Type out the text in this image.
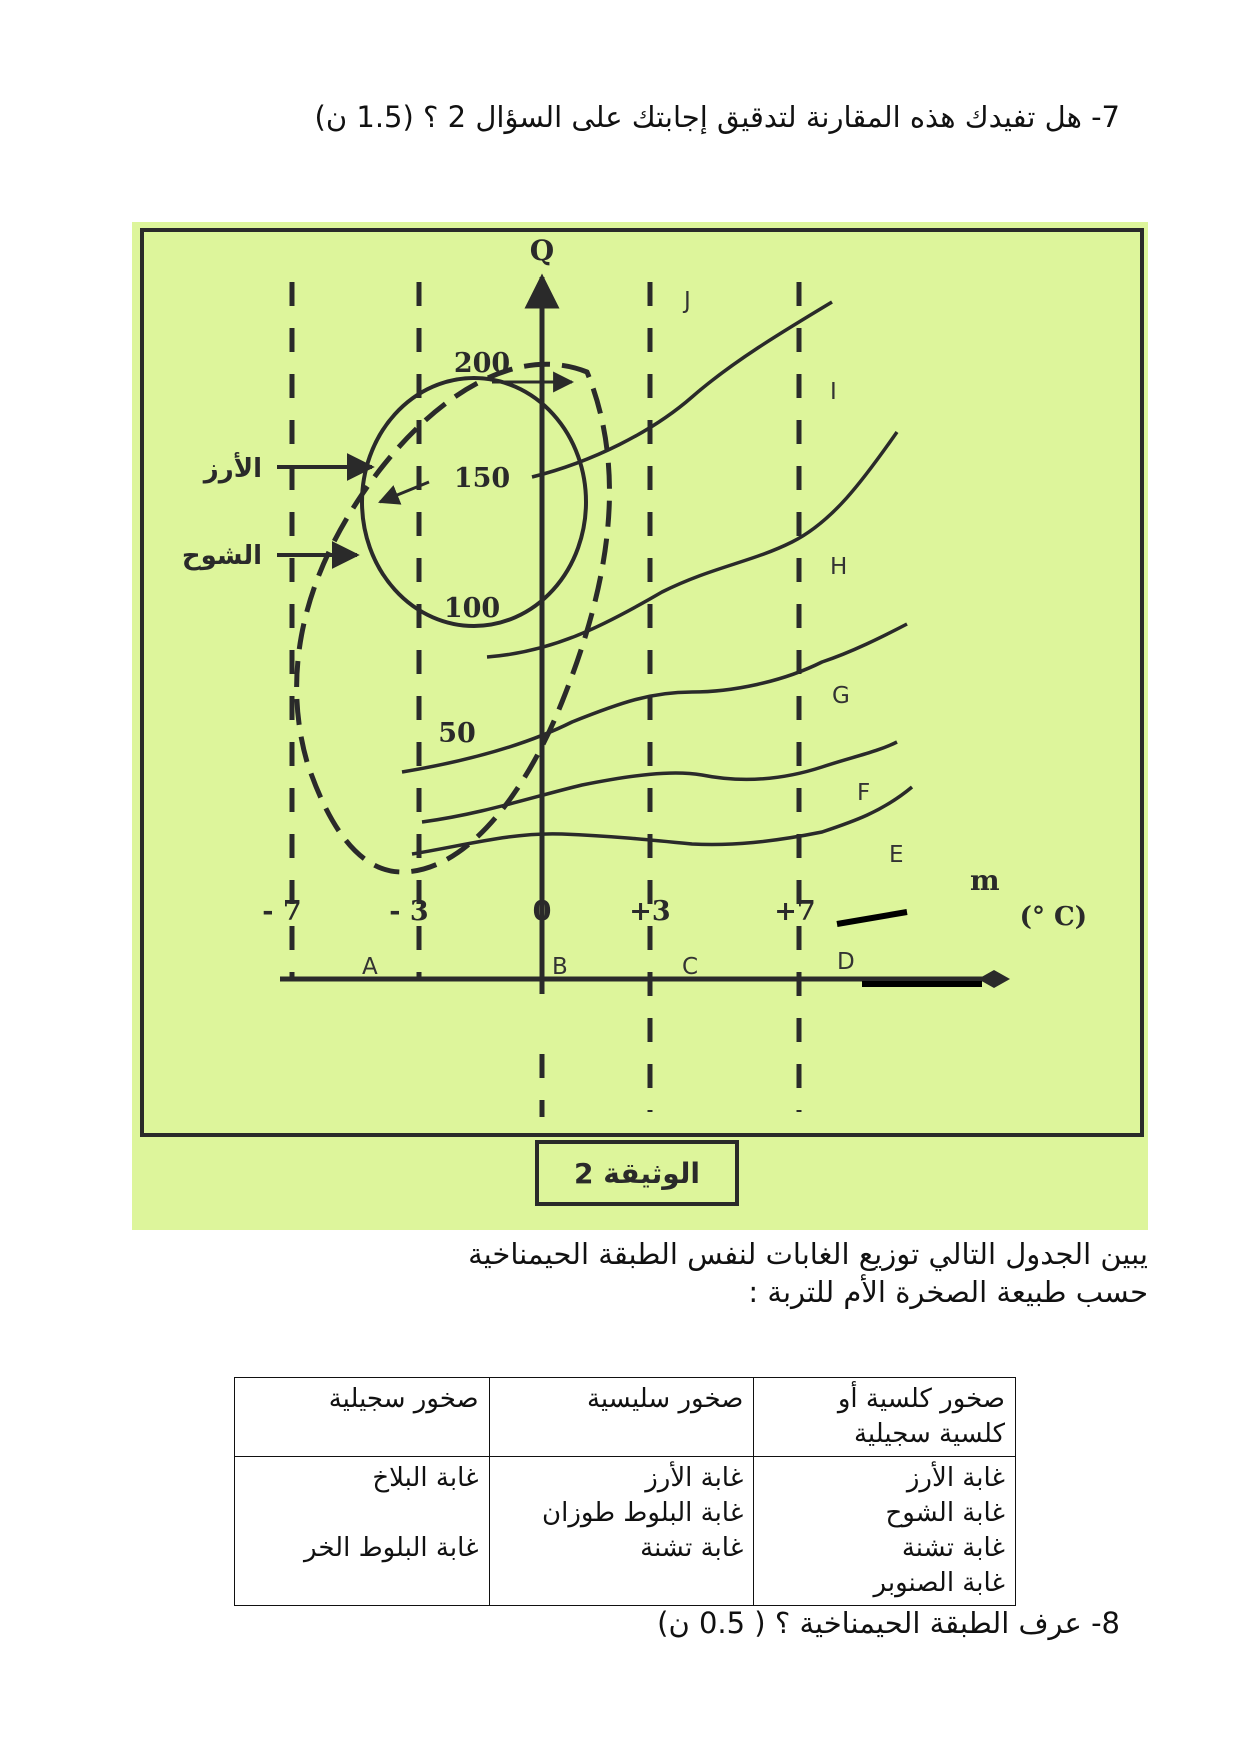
7- هل تفيدك هذه المقارنة لتدقيق إجابتك على السؤال 2 ؟ (1.5 ن)
Q
m
(° C)
- 7	- 3	0	+3	+7
200
150
100
50
الأرز
الشوح
J
I
H
G
F
E
A	B	C	D
الوثيقة 2
يبين الجدول التالي توزيع الغابات لنفس الطبقة الحيمناخية
حسب طبيعة الصخرة الأم للتربة :
صخور كلسية أو كلسية سجيلية	صخور سليسية	صخور سجيلية

غابة الأرز
غابة الشوح
غابة تشنة
غابة الصنوبر	غابة الأرز
غابة البلوط طوزان
غابة تشنة	غابة البلاخ
غابة البلوط الخر
8- عرف الطبقة الحيمناخية ؟ ( 0.5 ن)
